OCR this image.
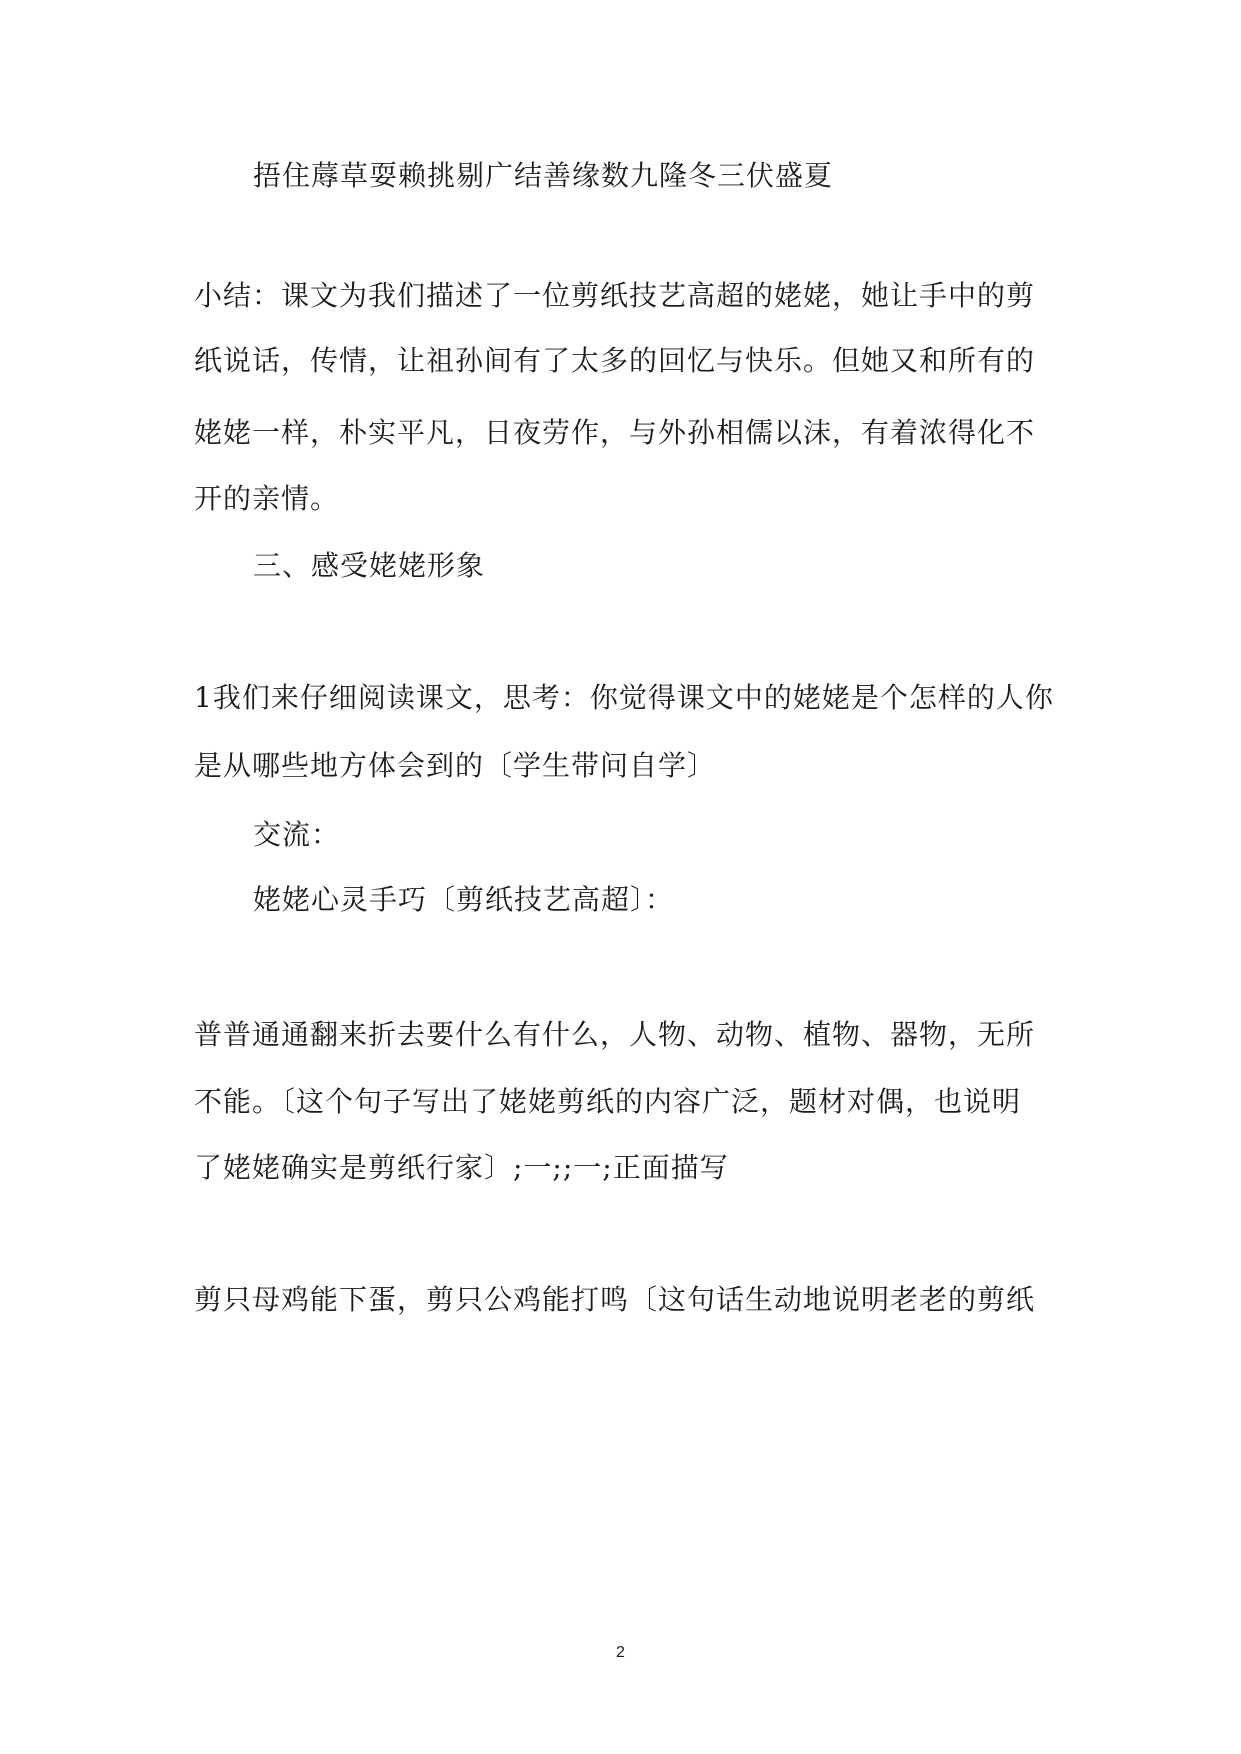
捂住蓐草耍赖挑剔广结善缘数九隆冬三伏盛夏
小结：课文为我们描述了一位剪纸技艺高超的姥姥，她让手中的剪
纸说话，传情，让祖孙间有了太多的回忆与快乐。但她又和所有的
姥姥一样，朴实平凡，日夜劳作，与外孙相儒以沫，有着浓得化不
开的亲情。
三、感受姥姥形象
1我们来仔细阅读课文，思考：你觉得课文中的姥姥是个怎样的人你
是从哪些地方体会到的〔学生带问自学〕
交流：
姥姥心灵手巧〔剪纸技艺高超〕：
普普通通翻来折去要什么有什么，人物、动物、植物、器物，无所
不能。〔这个句子写出了姥姥剪纸的内容广泛，题材对偶，也说明
了姥姥确实是剪纸行家〕;一;;一;正面描写
剪只母鸡能下蛋，剪只公鸡能打鸣〔这句话生动地说明老老的剪纸
2
